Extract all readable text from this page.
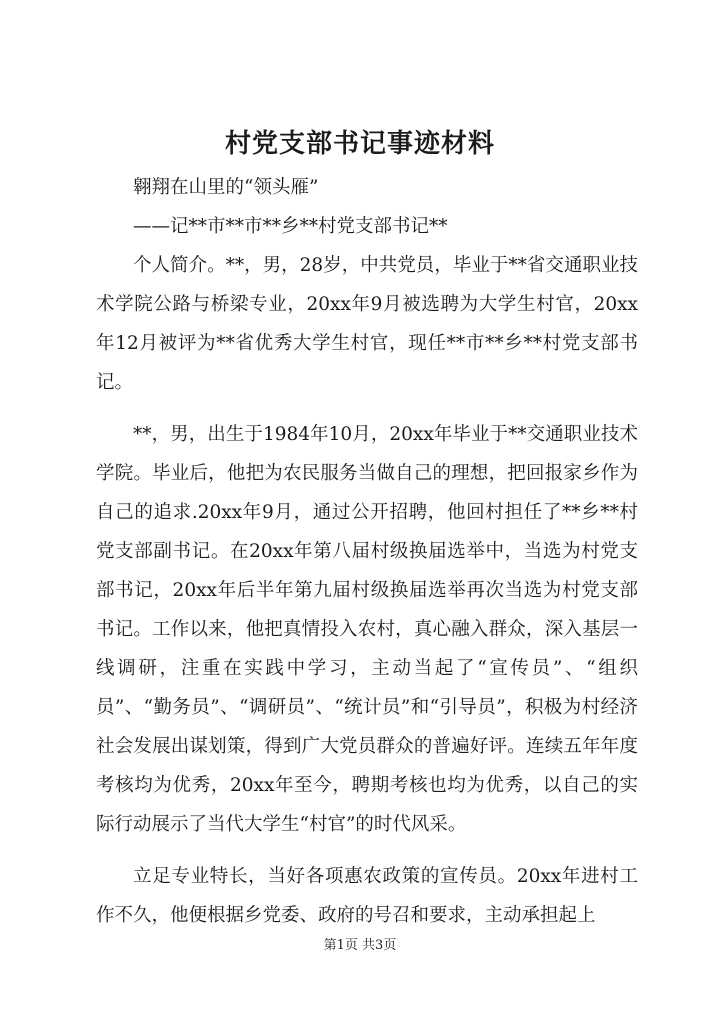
村党支部书记事迹材料

翱翔在山里的“领头雁”

——记**市**市**乡**村党支部书记**

个人简介。**，男，28岁，中共党员，毕业于**省交通职业技术学院公路与桥梁专业，20xx年9月被选聘为大学生村官，20xx年12月被评为**省优秀大学生村官，现任**市**乡**村党支部书记。

**，男，出生于1984年10月，20xx年毕业于**交通职业技术学院。毕业后，他把为农民服务当做自己的理想，把回报家乡作为自己的追求.20xx年9月，通过公开招聘，他回村担任了**乡**村党支部副书记。在20xx年第八届村级换届选举中，当选为村党支部书记，20xx年后半年第九届村级换届选举再次当选为村党支部书记。工作以来，他把真情投入农村，真心融入群众，深入基层一线调研，注重在实践中学习，主动当起了“宣传员”、“组织员”、“勤务员”、“调研员”、“统计员”和“引导员”，积极为村经济社会发展出谋划策，得到广大党员群众的普遍好评。连续五年年度考核均为优秀，20xx年至今，聘期考核也均为优秀，以自己的实际行动展示了当代大学生“村官”的时代风采。

立足专业特长，当好各项惠农政策的宣传员。20xx年进村工作不久，他便根据乡党委、政府的号召和要求，主动承担起上

第1页 共3页
